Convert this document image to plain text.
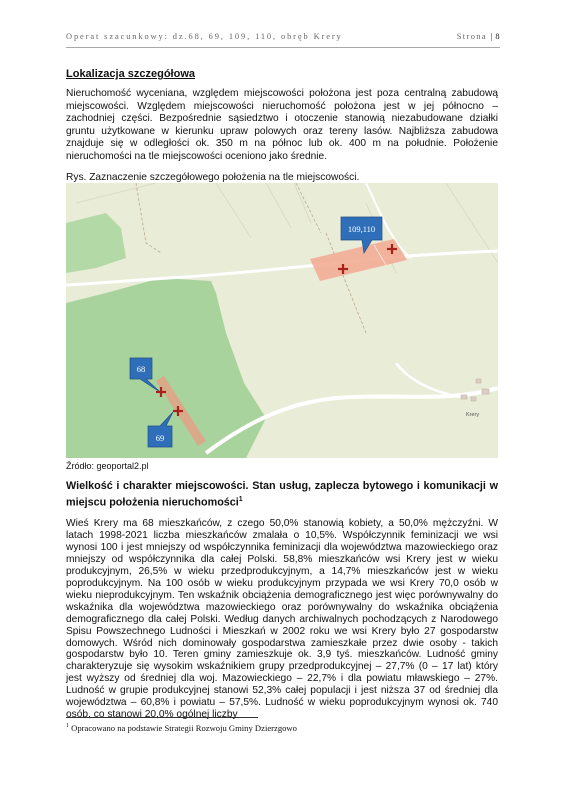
Operat szacunkowy: dz.68, 69, 109, 110, obręb Krery	Strona | 8
Lokalizacja szczegółowa
Nieruchomość wyceniana, względem miejscowości położona jest poza centralną zabudową miejscowości. Względem miejscowości nieruchomość położona jest w jej północno – zachodniej części. Bezpośrednie sąsiedztwo i otoczenie stanowią niezabudowane działki gruntu użytkowane w kierunku upraw polowych oraz tereny lasów. Najbliższa zabudowa znajduje się w odległości ok. 350 m na północ lub ok. 400 m na południe. Położenie nieruchomości na tle miejscowości oceniono jako średnie.
Rys. Zaznaczenie szczegółowego położenia na tle miejscowości.
Krery
109,110
68
69
Źródło: geoportal2.pl
Wielkość i charakter miejscowości. Stan usług, zaplecza bytowego i komunikacji w miejscu położenia nieruchomości$^1$
Wieś Krery ma 68 mieszkańców, z czego 50,0% stanowią kobiety, a 50,0% mężczyźni. W latach 1998-2021 liczba mieszkańców zmalała o 10,5%. Współczynnik feminizacji we wsi wynosi 100 i jest mniejszy od współczynnika feminizacji dla województwa mazowieckiego oraz mniejszy od współczynnika dla całej Polski. 58,8% mieszkańców wsi Krery jest w wieku produkcyjnym, 26,5% w wieku przedprodukcyjnym, a 14,7% mieszkańców jest w wieku poprodukcyjnym. Na 100 osób w wieku produkcyjnym przypada we wsi Krery 70,0 osób w wieku nieprodukcyjnym. Ten wskaźnik obciążenia demograficznego jest więc porównywalny do wskaźnika dla województwa mazowieckiego oraz porównywalny do wskaźnika obciążenia demograficznego dla całej Polski. Według danych archiwalnych pochodzących z Narodowego Spisu Powszechnego Ludności i Mieszkań w 2002 roku we wsi Krery było 27 gospodarstw domowych. Wśród nich dominowały gospodarstwa zamieszkałe przez dwie osoby - takich gospodarstw było 10. Teren gminy zamieszkuje ok. 3,9 tyś. mieszkańców. Ludność gminy charakteryzuje się wysokim wskaźnikiem grupy przedprodukcyjnej – 27,7% (0 – 17 lat) który jest wyższy od średniej dla woj. Mazowieckiego – 22,7% i dla powiatu mławskiego – 27%. Ludność w grupie produkcyjnej stanowi 52,3% całej populacji i jest niższa 37 od średniej dla województwa – 60,8% i powiatu – 57,5%. Ludność w wieku poprodukcyjnym wynosi ok. 740 osób, co stanowi 20,0% ogólnej liczby
$^1$ Opracowano na podstawie Strategii Rozwoju Gminy Dzierzgowo
